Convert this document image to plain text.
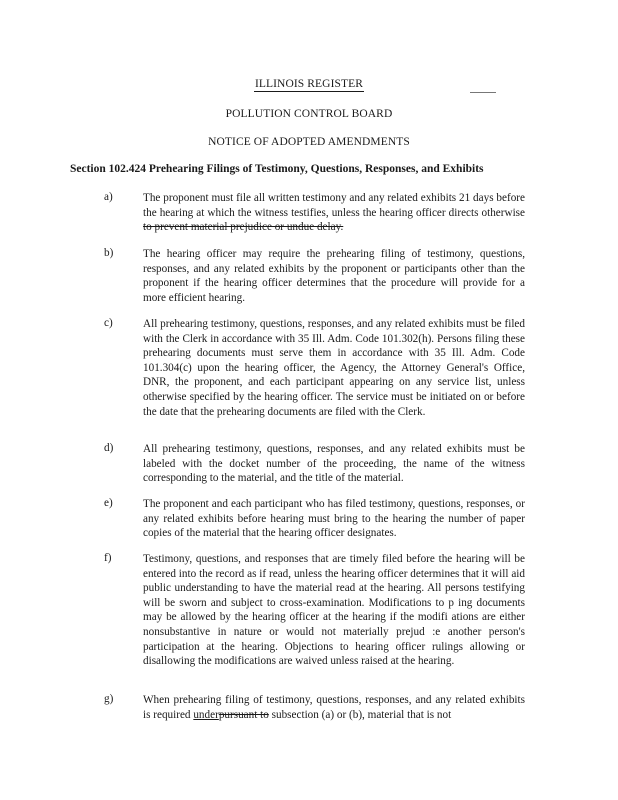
ILLINOIS REGISTER
POLLUTION CONTROL BOARD
NOTICE OF ADOPTED AMENDMENTS
Section 102.424 Prehearing Filings of Testimony, Questions, Responses, and Exhibits
a)	The proponent must file all written testimony and any related exhibits 21 days before the hearing at which the witness testifies, unless the hearing officer directs otherwise to prevent material prejudice or undue delay.
b)	The hearing officer may require the prehearing filing of testimony, questions, responses, and any related exhibits by the proponent or participants other than the proponent if the hearing officer determines that the procedure will provide for a more efficient hearing.
c)	All prehearing testimony, questions, responses, and any related exhibits must be filed with the Clerk in accordance with 35 Ill. Adm. Code 101.302(h). Persons filing these prehearing documents must serve them in accordance with 35 Ill. Adm. Code 101.304(c) upon the hearing officer, the Agency, the Attorney General's Office, DNR, the proponent, and each participant appearing on any service list, unless otherwise specified by the hearing officer. The service must be initiated on or before the date that the prehearing documents are filed with the Clerk.
d)	All prehearing testimony, questions, responses, and any related exhibits must be labeled with the docket number of the proceeding, the name of the witness corresponding to the material, and the title of the material.
e)	The proponent and each participant who has filed testimony, questions, responses, or any related exhibits before hearing must bring to the hearing the number of paper copies of the material that the hearing officer designates.
f)	Testimony, questions, and responses that are timely filed before the hearing will be entered into the record as if read, unless the hearing officer determines that it will aid public understanding to have the material read at the hearing. All persons testifying will be sworn and subject to cross-examination. Modifications to p ing documents may be allowed by the hearing officer at the hearing if the modifi ations are either nonsubstantive in nature or would not materially prejud :e another person's participation at the hearing. Objections to hearing officer rulings allowing or disallowing the modifications are waived unless raised at the hearing.
g)	When prehearing filing of testimony, questions, responses, and any related exhibits is required underpursuant to subsection (a) or (b), material that is not
